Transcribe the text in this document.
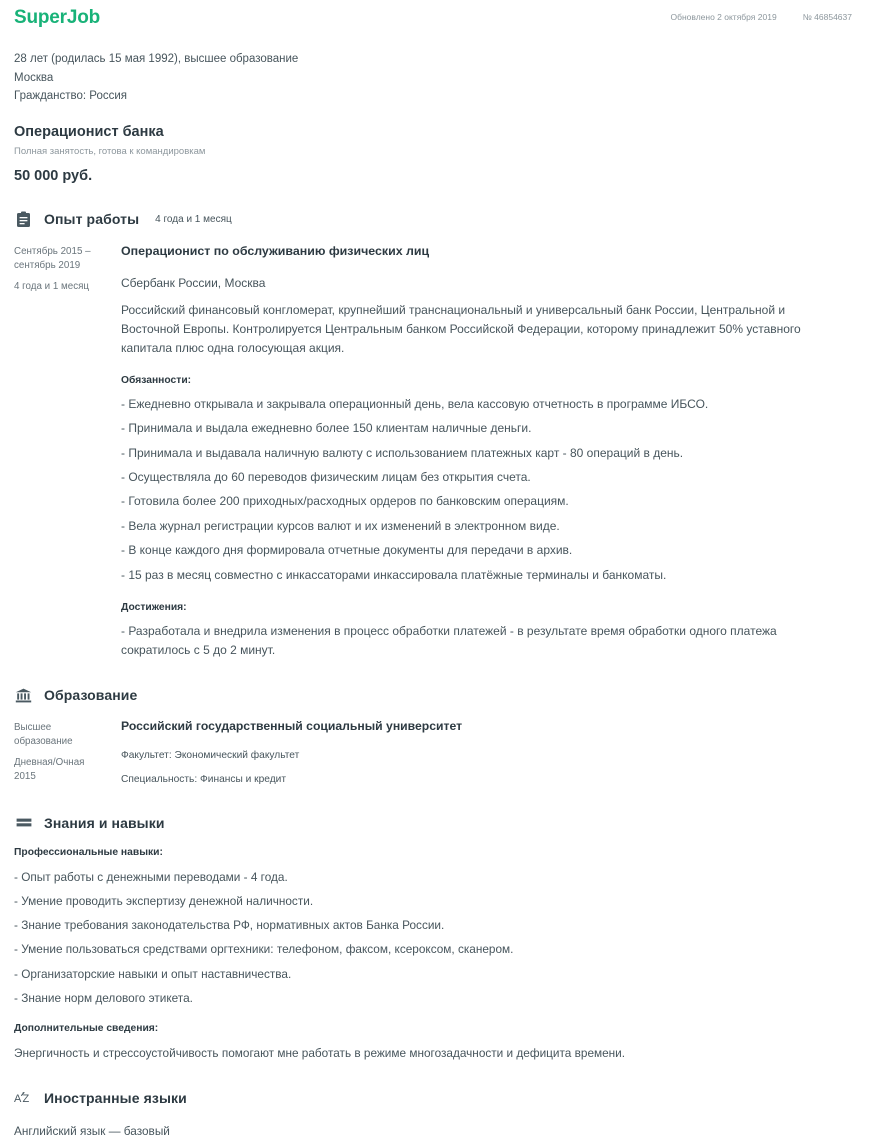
SuperJob	Обновлено 2 октября 2019	№ 46854637
28 лет (родилась 15 мая 1992), высшее образование
Москва
Гражданство: Россия
Операционист банка
Полная занятость, готова к командировкам
50 000 руб.
Опыт работы 4 года и 1 месяц
Сентябрь 2015 –
сентябрь 2019
4 года и 1 месяц
Операционист по обслуживанию физических лиц
Сбербанк России, Москва
Российский финансовый конгломерат, крупнейший транснациональный и универсальный банк России, Центральной и Восточной Европы. Контролируется Центральным банком Российской Федерации, которому принадлежит 50% уставного капитала плюс одна голосующая акция.
Обязанности:
- Ежедневно открывала и закрывала операционный день, вела кассовую отчетность в программе ИБСО.
- Принимала и выдала ежедневно более 150 клиентам наличные деньги.
- Принимала и выдавала наличную валюту с использованием платежных карт - 80 операций в день.
- Осуществляла до 60 переводов физическим лицам без открытия счета.
- Готовила более 200 приходных/расходных ордеров по банковским операциям.
- Вела журнал регистрации курсов валют и их изменений в электронном виде.
- В конце каждого дня формировала отчетные документы для передачи в архив.
- 15 раз в месяц совместно с инкассаторами инкассировала платёжные терминалы и банкоматы.
Достижения:
- Разработала и внедрила изменения в процесс обработки платежей - в результате время обработки одного платежа сократилось с 5 до 2 минут.
Образование
Высшее
образование
Дневная/Очная
2015
Российский государственный социальный университет
Факультет: Экономический факультет
Специальность: Финансы и кредит
Знания и навыки
Профессиональные навыки:
- Опыт работы с денежными переводами - 4 года.
- Умение проводить экспертизу денежной наличности.
- Знание требования законодательства РФ, нормативных актов Банка России.
- Умение пользоваться средствами оргтехники: телефоном, факсом, ксероксом, сканером.
- Организаторские навыки и опыт наставничества.
- Знание норм делового этикета.
Дополнительные сведения:
Энергичность и стрессоустойчивость помогают мне работать в режиме многозадачности и дефицита времени.
A Z Иностранные языки
Английский язык — базовый
